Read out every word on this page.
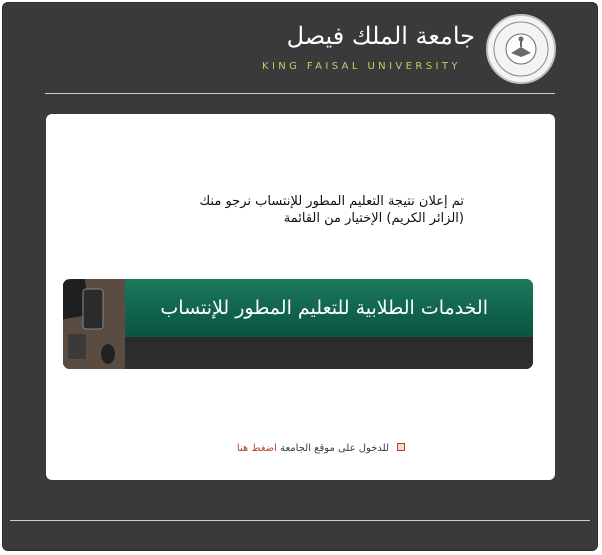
جامعة الملك فيصل
KING FAISAL UNIVERSITY
تم إعلان نتيجة التعليم المطور للإنتساب نرجو منك
(الزائر الكريم) الإختيار من القائمة
الخدمات الطلابية للتعليم المطور للإنتساب
للدخول على موقع الجامعة اضغط هنا
